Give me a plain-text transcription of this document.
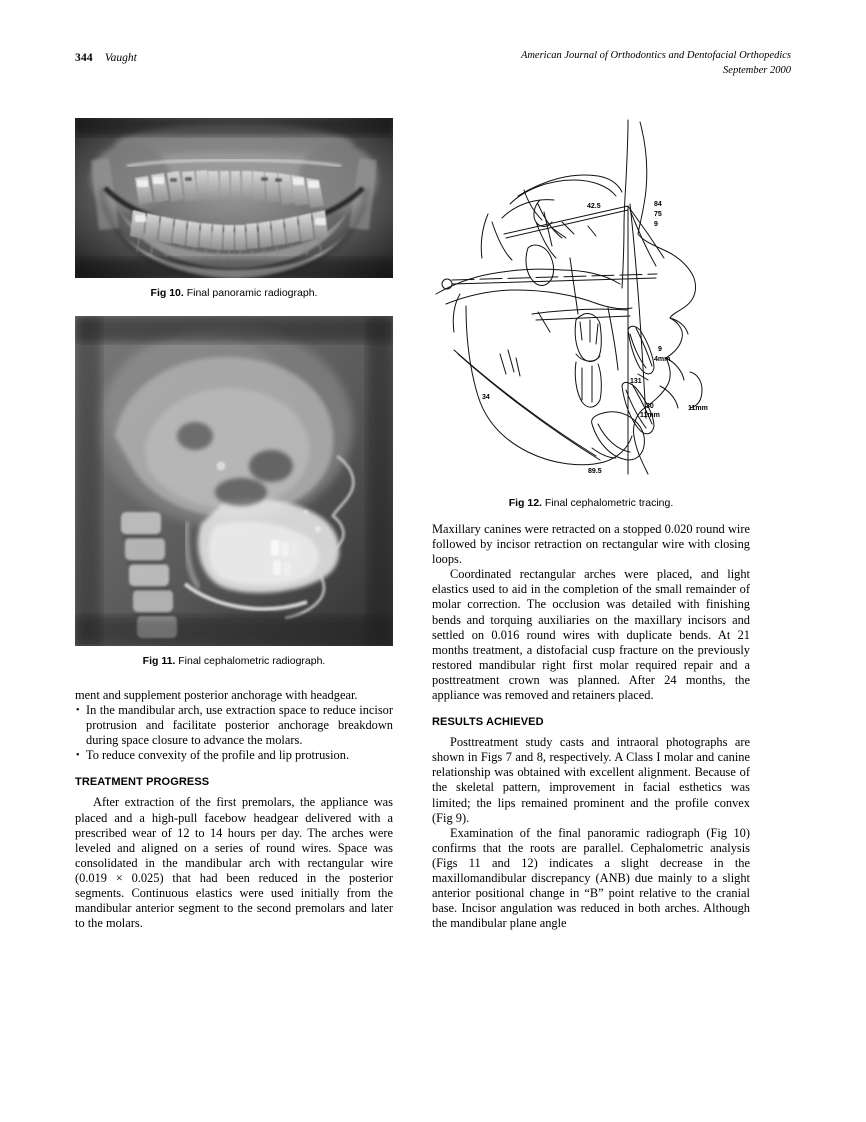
344 Vaught	American Journal of Orthodontics and Dentofacial Orthopedics
September 2000
Fig 10. Final panoramic radiograph.
Fig 11. Final cephalometric radiograph.

ment and supplement posterior anchorage with headgear.

• In the mandibular arch, use extraction space to reduce incisor protrusion and facilitate posterior anchorage breakdown during space closure to advance the molars.
• To reduce convexity of the profile and lip protrusion.
TREATMENT PROGRESS

After extraction of the first premolars, the appliance was placed and a high-pull facebow headgear delivered with a prescribed wear of 12 to 14 hours per day. The arches were leveled and aligned on a series of round wires. Space was consolidated in the mandibular arch with rectangular wire (0.019 × 0.025) that had been reduced in the posterior segments. Continuous elastics were used initially from the mandibular anterior segment to the second premolars and later to the molars.

42.5	84
75
9
9
4mm
131
30
11mm
11mm
34
89.5
Fig 12. Final cephalometric tracing.

Maxillary canines were retracted on a stopped 0.020 round wire followed by incisor retraction on rectangular wire with closing loops.

Coordinated rectangular arches were placed, and light elastics used to aid in the completion of the small remainder of molar correction. The occlusion was detailed with finishing bends and torquing auxiliaries on the maxillary incisors and settled on 0.016 round wires with duplicate bends. At 21 months treatment, a distofacial cusp fracture on the previously restored mandibular right first molar required repair and a posttreatment crown was planned. After 24 months, the appliance was removed and retainers placed.

RESULTS ACHIEVED

Posttreatment study casts and intraoral photographs are shown in Figs 7 and 8, respectively. A Class I molar and canine relationship was obtained with excellent alignment. Because of the skeletal pattern, improvement in facial esthetics was limited; the lips remained prominent and the profile convex (Fig 9).

Examination of the final panoramic radiograph (Fig 10) confirms that the roots are parallel. Cephalometric analysis (Figs 11 and 12) indicates a slight decrease in the maxillomandibular discrepancy (ANB) due mainly to a slight anterior positional change in “B” point relative to the cranial base. Incisor angulation was reduced in both arches. Although the mandibular plane angle
